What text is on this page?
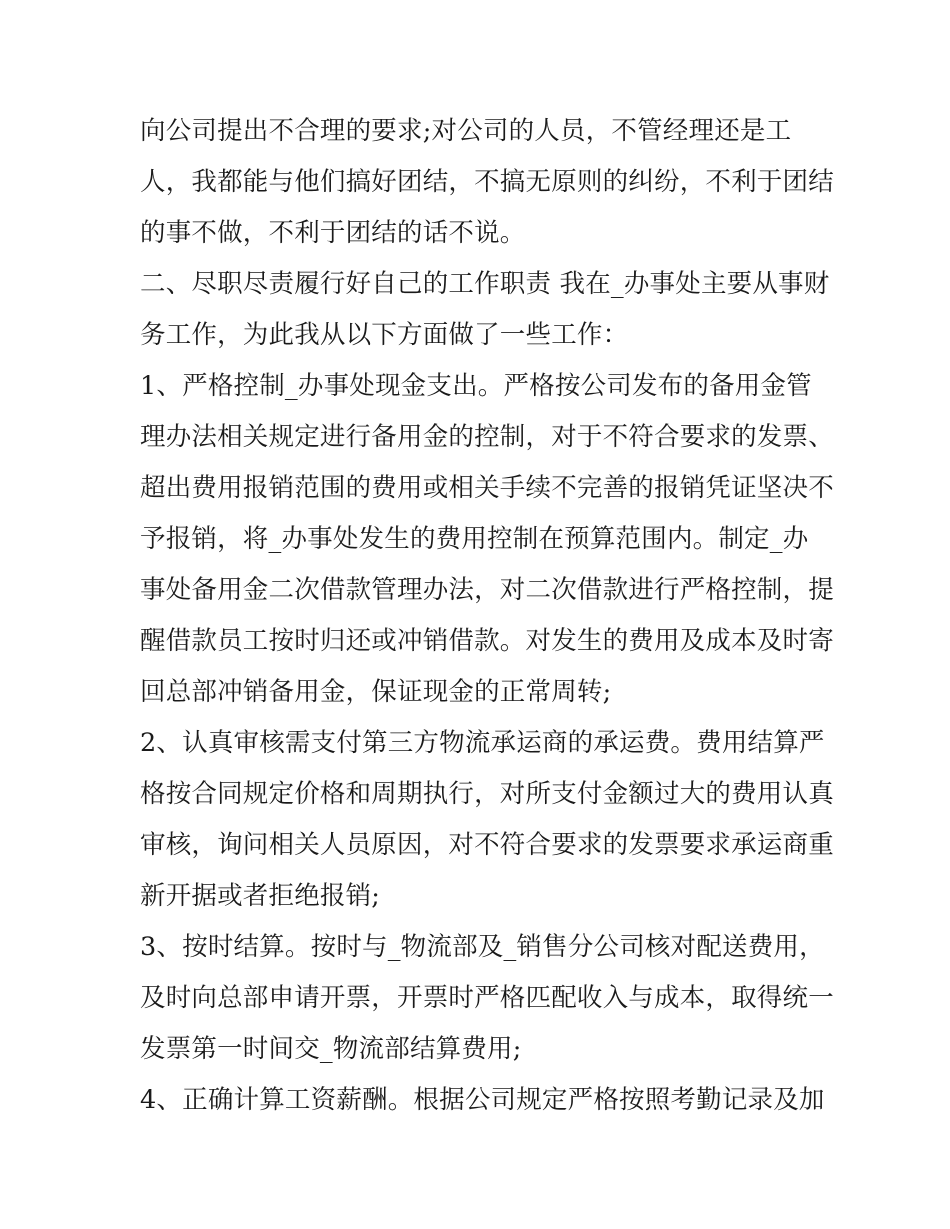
向公司提出不合理的要求;对公司的人员，不管经理还是工
人，我都能与他们搞好团结，不搞无原则的纠纷，不利于团结
的事不做，不利于团结的话不说。
二、尽职尽责履行好自己的工作职责 我在_办事处主要从事财
务工作，为此我从以下方面做了一些工作：
1、严格控制_办事处现金支出。严格按公司发布的备用金管
理办法相关规定进行备用金的控制，对于不符合要求的发票、
超出费用报销范围的费用或相关手续不完善的报销凭证坚决不
予报销，将_办事处发生的费用控制在预算范围内。制定_办
事处备用金二次借款管理办法，对二次借款进行严格控制，提
醒借款员工按时归还或冲销借款。对发生的费用及成本及时寄
回总部冲销备用金，保证现金的正常周转;
2、认真审核需支付第三方物流承运商的承运费。费用结算严
格按合同规定价格和周期执行，对所支付金额过大的费用认真
审核，询问相关人员原因，对不符合要求的发票要求承运商重
新开据或者拒绝报销;
3、按时结算。按时与_物流部及_销售分公司核对配送费用，
及时向总部申请开票，开票时严格匹配收入与成本，取得统一
发票第一时间交_物流部结算费用;
4、正确计算工资薪酬。根据公司规定严格按照考勤记录及加
